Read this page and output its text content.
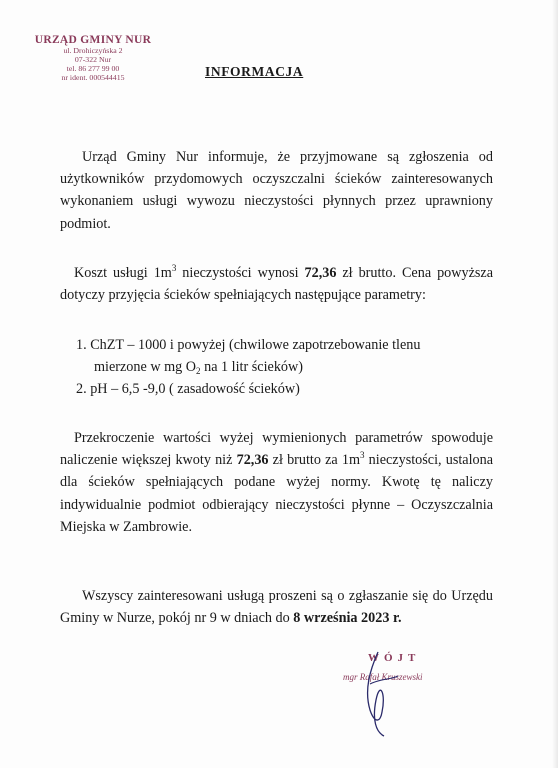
URZĄD GMINY NUR
ul. Drohiczyńska 2
07-322 Nur
tel. 86 277 99 00
nr ident. 000544415	INFORMACJA

Urząd Gminy Nur informuje, że przyjmowane są zgłoszenia od użytkowników przydomowych oczyszczalni ścieków zainteresowanych wykonaniem usługi wywozu nieczystości płynnych przez uprawniony podmiot.

Koszt usługi $1m^3$ nieczystości wynosi 72,36 zł brutto. Cena powyższa dotyczy przyjęcia ścieków spełniających następujące parametry:

1. ChZT – 1000 i powyżej (chwilowe zapotrzebowanie tlenu

mierzone w mg $O_2$ na 1 litr ścieków)

2. pH – 6,5 -9,0 ( zasadowość ścieków)

Przekroczenie wartości wyżej wymienionych parametrów spowoduje naliczenie większej kwoty niż 72,36 zł brutto za $1m^3$ nieczystości, ustalona dla ścieków spełniających podane wyżej normy. Kwotę tę naliczy indywidualnie podmiot odbierający nieczystości płynne – Oczyszczalnia Miejska w Zambrowie.

Wszyscy zainteresowani usługą proszeni są o zgłaszanie się do Urzędu Gminy w Nurze, pokój nr 9 w dniach do 8 września 2023 r.

WÓJT
mgr Rafał Kruszewski
